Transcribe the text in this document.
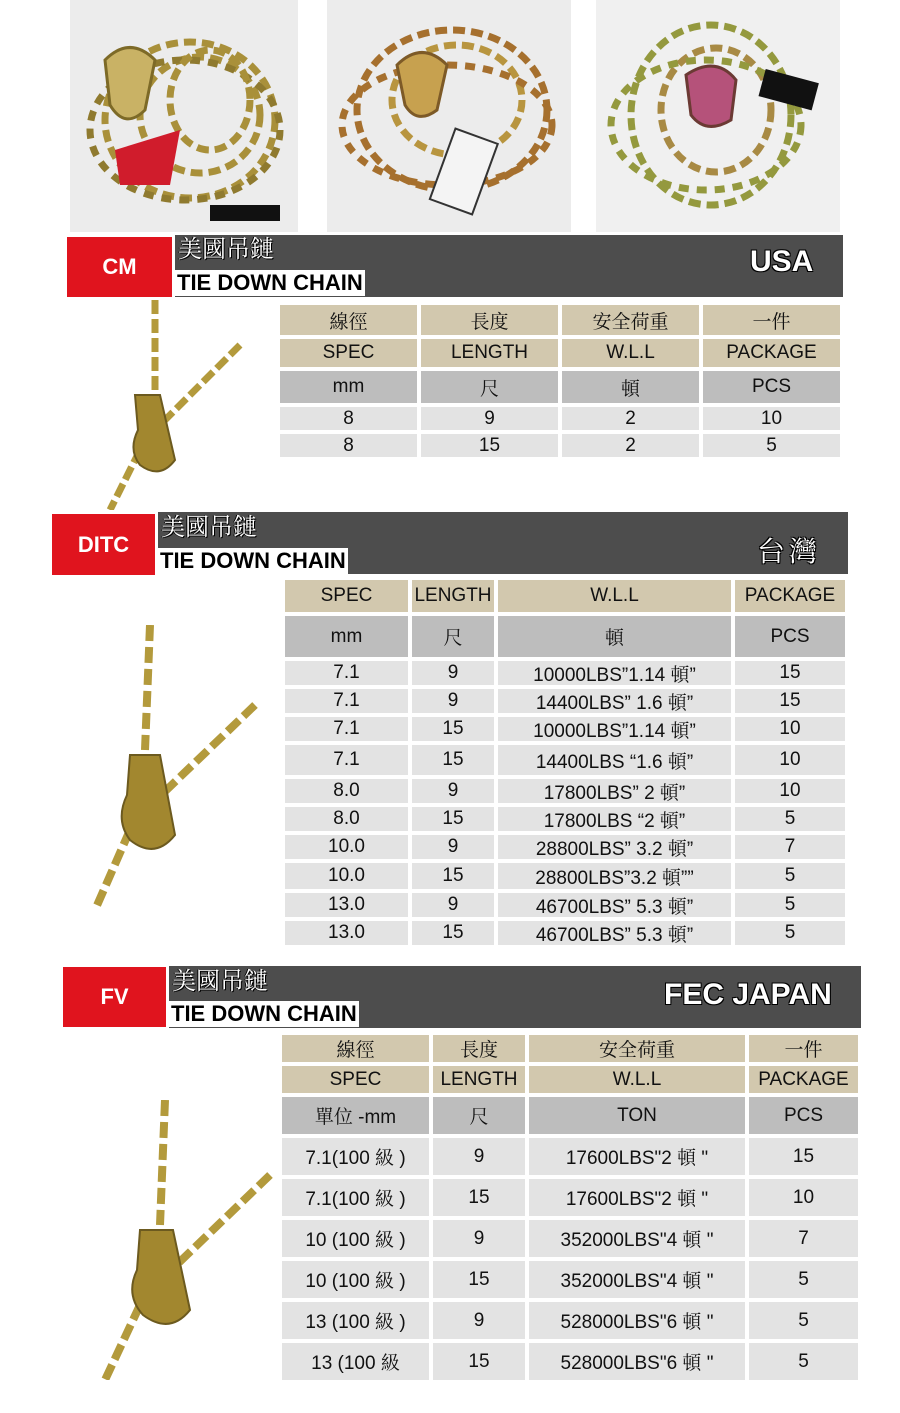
CM
美國吊鏈
TIE DOWN CHAIN
USA
線徑	長度	安全荷重	一件
SPEC	LENGTH	W.L.L	PACKAGE
mm	尺	頓	PCS
8	9	2	10
8	15	2	5
DITC
美國吊鏈
TIE DOWN CHAIN	台灣
SPEC	LENGTH	W.L.L	PACKAGE
mm	尺	頓	PCS
7.1	9	10000LBS”1.14 頓”	15
7.1	9	14400LBS” 1.6 頓”	15
7.1	15	10000LBS”1.14 頓”	10
7.1	15	14400LBS “1.6 頓”	10
8.0	9	17800LBS” 2 頓”	10
8.0	15	17800LBS “2 頓”	5
10.0	9	28800LBS” 3.2 頓”	7
10.0	15	28800LBS”3.2 頓””	5
13.0	9	46700LBS” 5.3 頓”	5
13.0	15	46700LBS” 5.3 頓”	5
FV
美國吊鏈
TIE DOWN CHAIN
FEC JAPAN
線徑	長度	安全荷重	一件
SPEC	LENGTH	W.L.L	PACKAGE
單位 -mm	尺	TON	PCS
7.1(100 級 )	9	17600LBS"2 頓 "	15
7.1(100 級 )	15	17600LBS"2 頓 "	10
10 (100 級 )	9	352000LBS"4 頓 "	7
10 (100 級 )	15	352000LBS"4 頓 "	5
13 (100 級 )	9	528000LBS"6 頓 "	5
13 (100 級	15	528000LBS"6 頓 "	5
